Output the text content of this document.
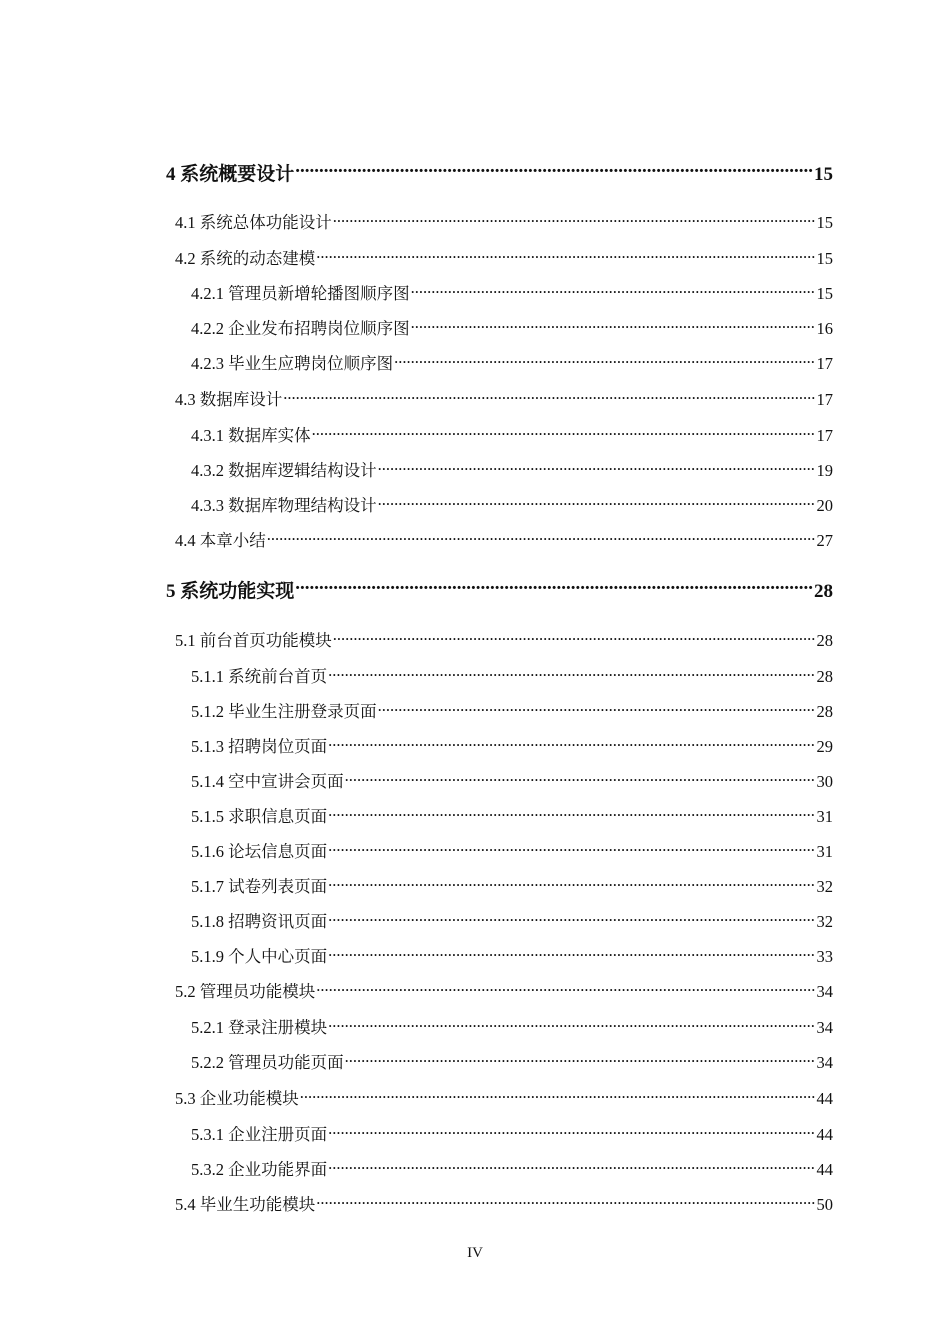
4 系统概要设计 .....	15
4.1 系统总体功能设计 .....	15
4.2 系统的动态建模 .....	15
4.2.1 管理员新增轮播图顺序图 .....	15
4.2.2 企业发布招聘岗位顺序图 .....	16
4.2.3 毕业生应聘岗位顺序图 .....	17
4.3 数据库设计 .....	17
4.3.1 数据库实体 .....	17
4.3.2 数据库逻辑结构设计 .....	19
4.3.3 数据库物理结构设计 .....	20
4.4 本章小结 .....	27
5 系统功能实现 .....	28
5.1 前台首页功能模块 .....	28
5.1.1 系统前台首页 .....	28
5.1.2 毕业生注册登录页面 .....	28
5.1.3 招聘岗位页面 .....	29
5.1.4 空中宣讲会页面 .....	30
5.1.5 求职信息页面 .....	31
5.1.6 论坛信息页面 .....	31
5.1.7 试卷列表页面 .....	32
5.1.8 招聘资讯页面 .....	32
5.1.9 个人中心页面 .....	33
5.2 管理员功能模块 .....	34
5.2.1 登录注册模块 .....	34
5.2.2 管理员功能页面 .....	34
5.3 企业功能模块 .....	44
5.3.1 企业注册页面 .....	44
5.3.2 企业功能界面 .....	44
5.4 毕业生功能模块 .....	50
IV
